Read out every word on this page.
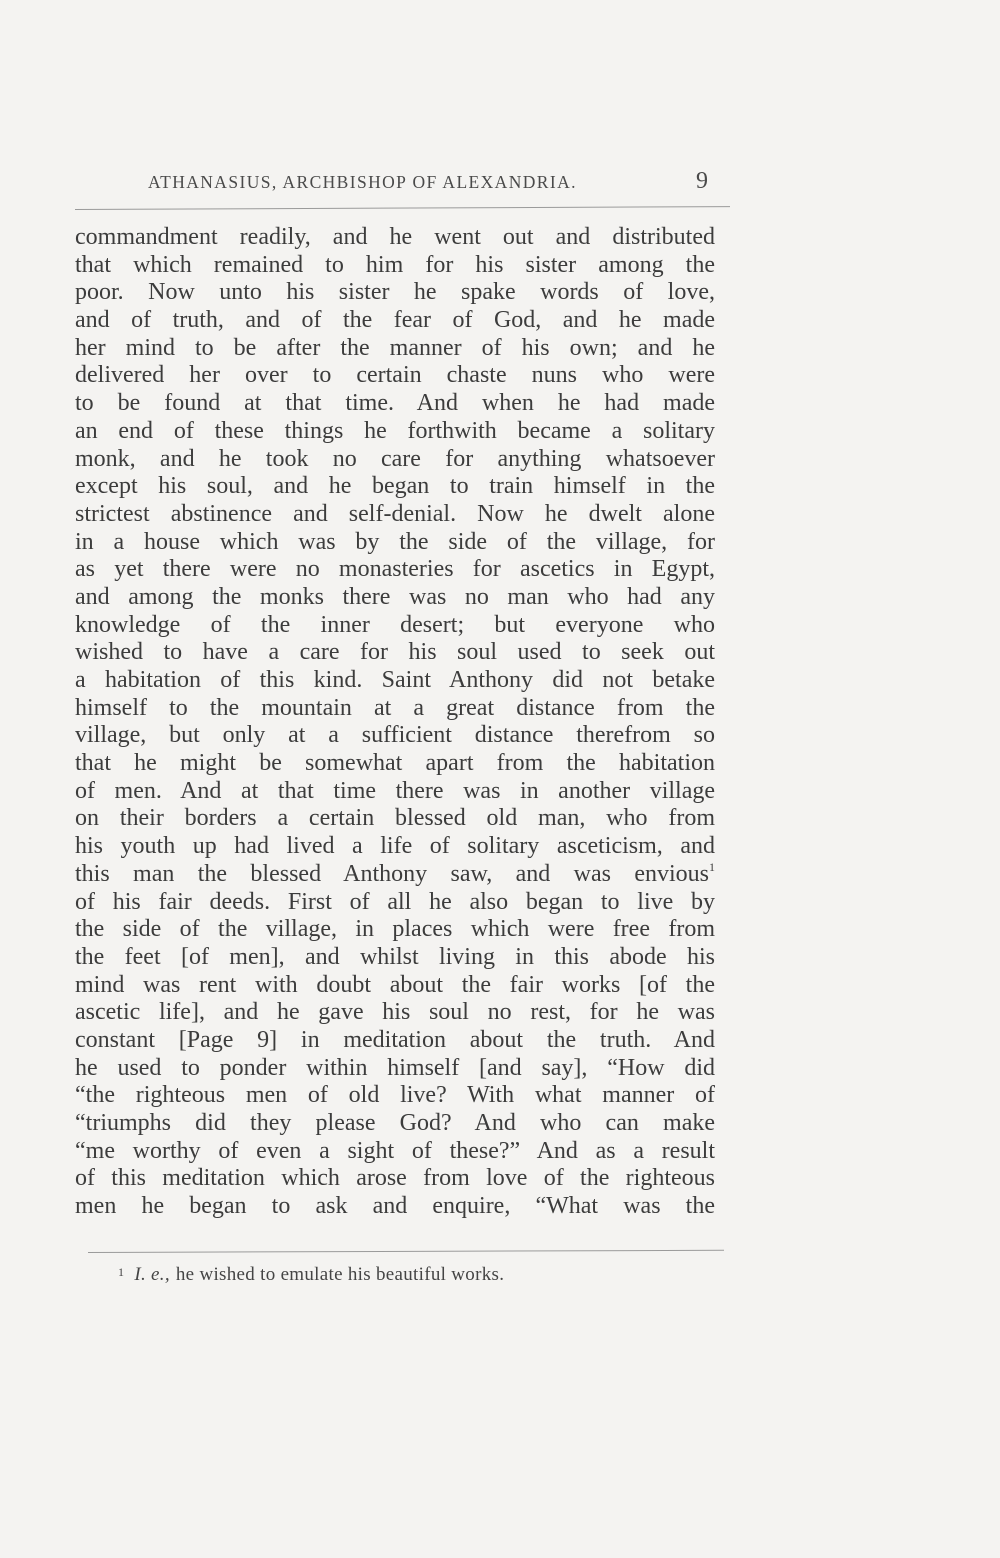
ATHANASIUS, ARCHBISHOP OF ALEXANDRIA.	9
commandment readily, and he went out and distributed
that which remained to him for his sister among the
poor. Now unto his sister he spake words of love,
and of truth, and of the fear of God, and he made
her mind to be after the manner of his own; and he
delivered her over to certain chaste nuns who were
to be found at that time. And when he had made
an end of these things he forthwith became a solitary
monk, and he took no care for anything whatsoever
except his soul, and he began to train himself in the
strictest abstinence and self-denial. Now he dwelt alone
in a house which was by the side of the village, for
as yet there were no monasteries for ascetics in Egypt,
and among the monks there was no man who had any
knowledge of the inner desert; but everyone who
wished to have a care for his soul used to seek out
a habitation of this kind. Saint Anthony did not betake
himself to the mountain at a great distance from the
village, but only at a sufficient distance therefrom so
that he might be somewhat apart from the habitation
of men. And at that time there was in another village
on their borders a certain blessed old man, who from
his youth up had lived a life of solitary asceticism, and
this man the blessed Anthony saw, and was envious$^1$
of his fair deeds. First of all he also began to live by
the side of the village, in places which were free from
the feet [of men], and whilst living in this abode his
mind was rent with doubt about the fair works [of the
ascetic life], and he gave his soul no rest, for he was
constant [Page 9] in meditation about the truth. And
he used to ponder within himself [and say], “How did
“the righteous men of old live? With what manner of
“triumphs did they please God? And who can make
“me worthy of even a sight of these?” And as a result
of this meditation which arose from love of the righteous
men he began to ask and enquire, “What was the
$^1$ I. e., he wished to emulate his beautiful works.
